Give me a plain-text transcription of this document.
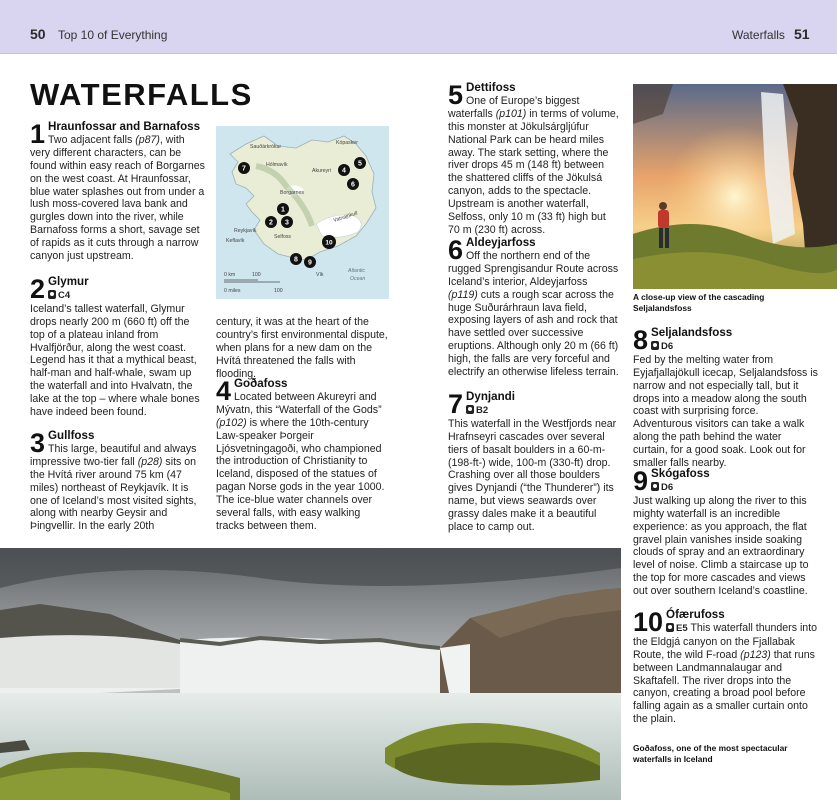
50 Top 10 of Everything	Waterfalls 51
WATERFALLS
1 Hraunfossar and Barnafoss
Two adjacent falls (p87), with very different characters, can be found within easy reach of Borgarnes on the west coast. At Hraunfossar, blue water splashes out from under a lush moss-covered lava bank and gurgles down into the river, while Barnafoss forms a short, savage set of rapids as it cuts through a narrow canyon just upstream.
2 Glymur
C4
Iceland’s tallest waterfall, Glymur drops nearly 200 m (660 ft) off the top of a plateau inland from Hvalfjörður, along the west coast. Legend has it that a mythical beast, half-man and half-whale, swam up the waterfall and into Hvalvatn, the lake at the top – where whale bones have indeed been found.
3 Gullfoss
This large, beautiful and always impressive two-tier fall (p28) sits on the Hvítá river around 75 km (47 miles) northeast of Reykjavík. It is one of Iceland’s most visited sights, along with nearby Geysir and Þingvellir. In the early 20th
century, it was at the heart of the country’s first environmental dispute, when plans for a new dam on the Hvítá threatened the falls with flooding.
4 Goðafoss
Located between Akureyri and Mývatn, this “Waterfall of the Gods” (p102) is where the 10th-century Law-speaker Þorgeir Ljósvetningagoði, who championed the introduction of Christianity to Iceland, disposed of the statues of pagan Norse gods in the year 1000. The ice-blue water channels over several falls, with easy walking tracks between them.
5 Dettifoss
One of Europe’s biggest waterfalls (p101) in terms of volume, this monster at Jökulsárgljúfur National Park can be heard miles away. The stark setting, where the river drops 45 m (148 ft) between the shattered cliffs of the Jökulsá canyon, adds to the spectacle. Upstream is another waterfall, Selfoss, only 10 m (33 ft) high but 70 m (230 ft) across.
6 Aldeyjarfoss
Off the northern end of the rugged Sprengisandur Route across Iceland’s interior, Aldeyjarfoss (p119) cuts a rough scar across the huge Suðurárhraun lava field, exposing layers of ash and rock that have settled over successive eruptions. Although only 20 m (66 ft) high, the falls are very forceful and electrify an otherwise lifeless terrain.
7 Dynjandi
B2
This waterfall in the Westfjords near Hrafnseyri cascades over several tiers of basalt boulders in a 60-m- (198-ft-) wide, 100-m (330-ft) drop. Crashing over all those boulders gives Dynjandi (“the Thunderer”) its name, but views seawards over grassy dales make it a beautiful place to camp out.
A close-up view of the cascading Seljalandsfoss
8 Seljalandsfoss
D6
Fed by the melting water from Eyjafjallajökull icecap, Seljalandsfoss is narrow and not especially tall, but it drops into a meadow along the south coast with surprising force. Adventurous visitors can take a walk along the path behind the water curtain, for a good soak. Look out for smaller falls nearby.
9 Skógafoss
D6
Just walking up along the river to this mighty waterfall is an incredible experience: as you approach, the flat gravel plain vanishes inside soaking clouds of spray and an extraordinary level of noise. Climb a staircase up to the top for more cascades and views out over southern Iceland’s coastline.
10 Ófærufoss
E5 This waterfall thunders into the Eldgjá canyon on the Fjallabak Route, the wild F-road (p123) that runs between Landmannalaugar and Skaftafell. The river drops into the canyon, creating a broad pool before falling again as a smaller curtain onto the plain.
Goðafoss, one of the most spectacular waterfalls in Iceland
Sauðárkrókur
Hólmavík
Kópasker
Akureyri
Borgarnes
Reykjavík
Keflavík
Selfoss
Vík
Vatnajökull
Atlantic
Ocean
0 km	100
0 miles	100
1
2 3
4
5
6
7
8 9
10
